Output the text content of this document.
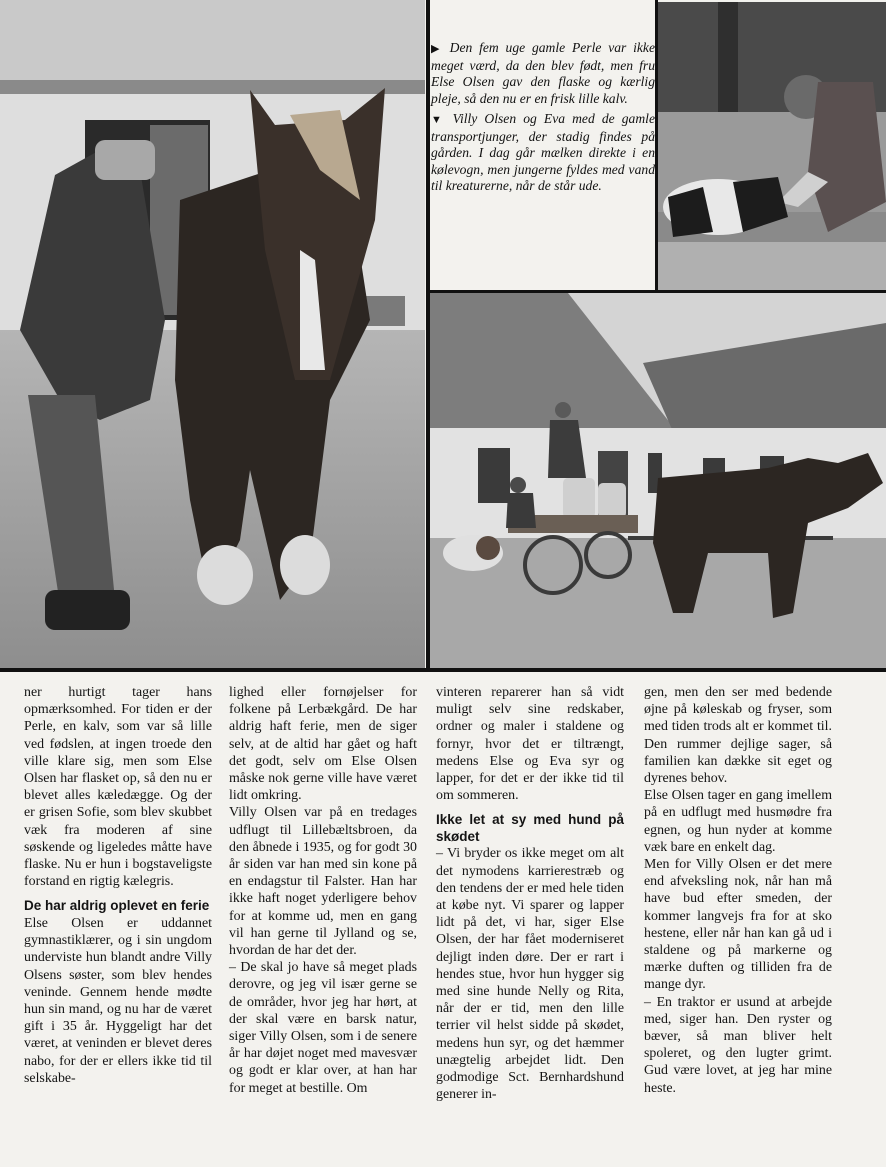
▶ Den fem uge gamle Perle var ikke meget værd, da den blev født, men fru Else Olsen gav den flaske og kærlig pleje, så den nu er en frisk lille kalv.

▼ Villy Olsen og Eva med de gamle transportjunger, der stadig findes på gården. I dag går mælken direkte i en kølevogn, men jungerne fyldes med vand til kreaturerne, når de står ude.

ner hurtigt tager hans opmærksomhed. For tiden er der Perle, en kalv, som var så lille ved fødslen, at ingen troede den ville klare sig, men som Else Olsen har flasket op, så den nu er blevet alles kæledægge. Og der er grisen Sofie, som blev skubbet væk fra moderen af sine søskende og ligeledes måtte have flaske. Nu er hun i bogstaveligste forstand en rigtig kælegris.

De har aldrig oplevet en ferie

Else Olsen er uddannet gymnastiklærer, og i sin ungdom underviste hun blandt andre Villy Olsens søster, som blev hendes veninde. Gennem hende mødte hun sin mand, og nu har de været gift i 35 år. Hyggeligt har det været, at veninden er blevet deres nabo, for der er ellers ikke tid til selskabe-

lighed eller fornøjelser for folkene på Lerbækgård. De har aldrig haft ferie, men de siger selv, at de altid har gået og haft det godt, selv om Else Olsen måske nok gerne ville have været lidt omkring.

Villy Olsen var på en tredages udflugt til Lillebæltsbroen, da den åbnede i 1935, og for godt 30 år siden var han med sin kone på en endagstur til Falster. Han har ikke haft noget yderligere behov for at komme ud, men en gang vil han gerne til Jylland og se, hvordan de har det der.

– De skal jo have så meget plads derovre, og jeg vil især gerne se de områder, hvor jeg har hørt, at der skal være en barsk natur, siger Villy Olsen, som i de senere år har døjet noget med mavesvær og godt er klar over, at han har for meget at bestille. Om

vinteren reparerer han så vidt muligt selv sine redskaber, ordner og maler i staldene og fornyr, hvor det er tiltrængt, medens Else og Eva syr og lapper, for det er der ikke tid til om sommeren.

Ikke let at sy med hund på skødet

– Vi bryder os ikke meget om alt det nymodens karrierestræb og den tendens der er med hele tiden at købe nyt. Vi sparer og lapper lidt på det, vi har, siger Else Olsen, der har fået moderniseret dejligt inden døre. Der er rart i hendes stue, hvor hun hygger sig med sine hunde Nelly og Rita, når der er tid, men den lille terrier vil helst sidde på skødet, medens hun syr, og det hæmmer unægtelig arbejdet lidt. Den godmodige Sct. Bernhardshund generer in-

gen, men den ser med bedende øjne på køleskab og fryser, som med tiden trods alt er kommet til. Den rummer dejlige sager, så familien kan dække sit eget og dyrenes behov.

Else Olsen tager en gang imellem på en udflugt med husmødre fra egnen, og hun nyder at komme væk bare en enkelt dag.

Men for Villy Olsen er det mere end afveksling nok, når han må have bud efter smeden, der kommer langvejs fra for at sko hestene, eller når han kan gå ud i staldene og på markerne og mærke duften og tilliden fra de mange dyr.

– En traktor er usund at arbejde med, siger han. Den ryster og bæver, så man bliver helt spoleret, og den lugter grimt. Gud være lovet, at jeg har mine heste.
